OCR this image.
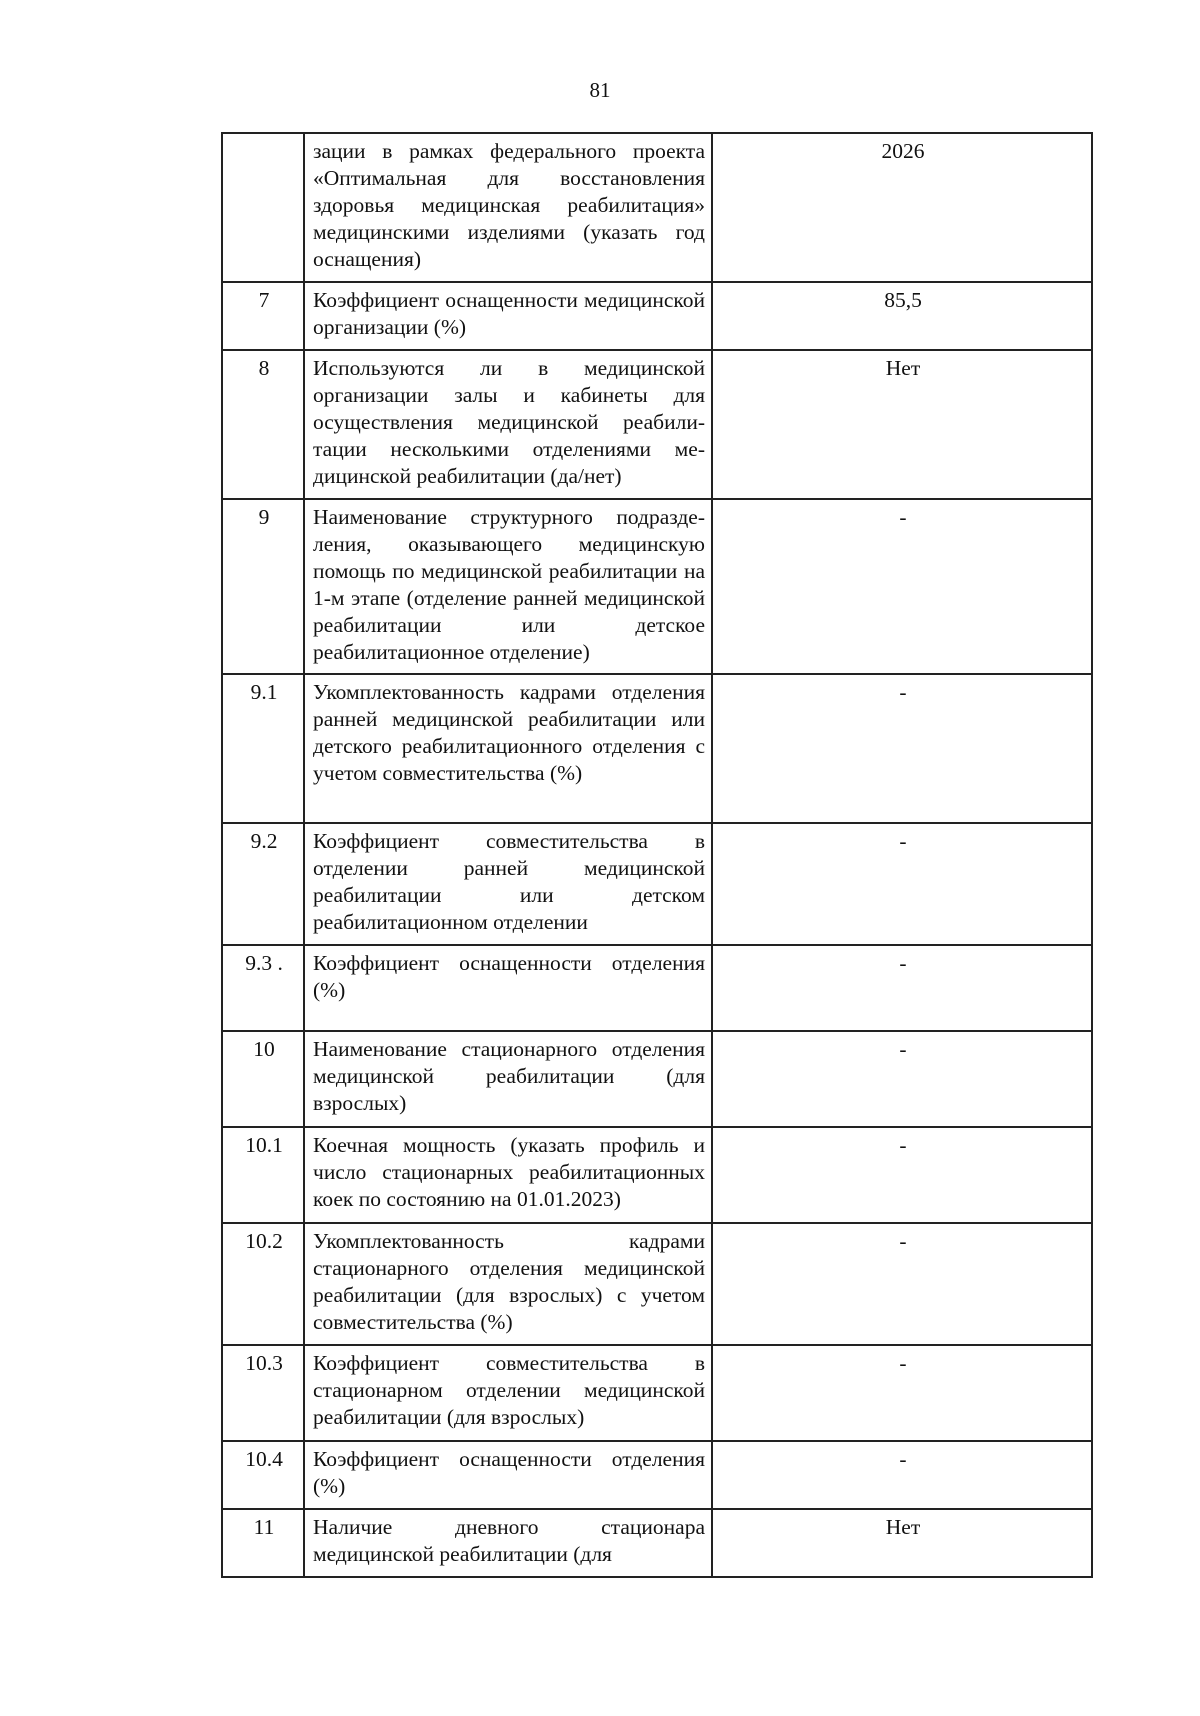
81
	зации в рамках федерального проекта «Оптимальная для восстановления здоровья медицинская реабилитация» медицинскими изделиями (указать год оснащения)	2026
7	Коэффициент оснащенности медицинской организации (%)	85,5
8	Используются ли в медицинской организации залы и кабинеты для осуществления медицинской реабилитации несколькими отделениями медицинской реабилитации (да/нет)	Нет
9	Наименование структурного подразделения, оказывающего медицинскую помощь по медицинской реабилитации на 1-м этапе (отделение ранней медицинской реабилитации или детское реабилитационное отделение)	-
9.1	Укомплектованность кадрами отделения ранней медицинской реабилитации или детского реабилитационного отделения с учетом совместительства (%)	-
9.2	Коэффициент совместительства в отделении ранней медицинской реабилитации или детском реабилитационном отделении	-
9.3 .	Коэффициент оснащенности отделения (%)	-
10	Наименование стационарного отделения медицинской реабилитации (для взрослых)	-
10.1	Коечная мощность (указать профиль и число стационарных реабилитационных коек по состоянию на 01.01.2023)	-
10.2	Укомплектованность кадрами стационарного отделения медицинской реабилитации (для взрослых) с учетом совместительства (%)	-
10.3	Коэффициент совместительства в стационарном отделении медицинской реабилитации (для взрослых)	-
10.4	Коэффициент оснащенности отделения (%)	-
11	Наличие дневного стационара медицинской реабилитации (для	Нет
